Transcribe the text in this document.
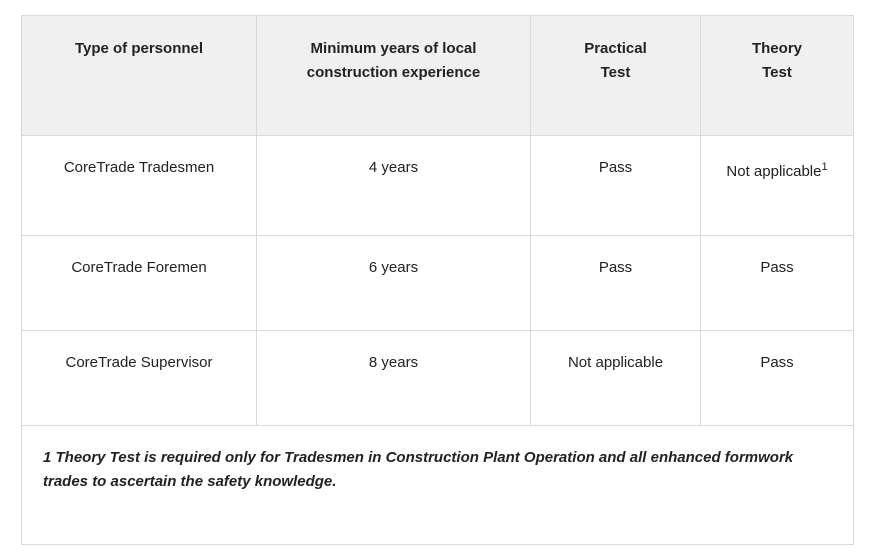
Type of personnel	Minimum years of local construction experience	Practical Test	Theory Test

CoreTrade Tradesmen	4 years	Pass	Not applicable$^1$

CoreTrade Foremen	6 years	Pass	Pass

CoreTrade Supervisor	8 years	Not applicable	Pass

1 Theory Test is required only for Tradesmen in Construction Plant Operation and all enhanced formwork trades to ascertain the safety knowledge.			
